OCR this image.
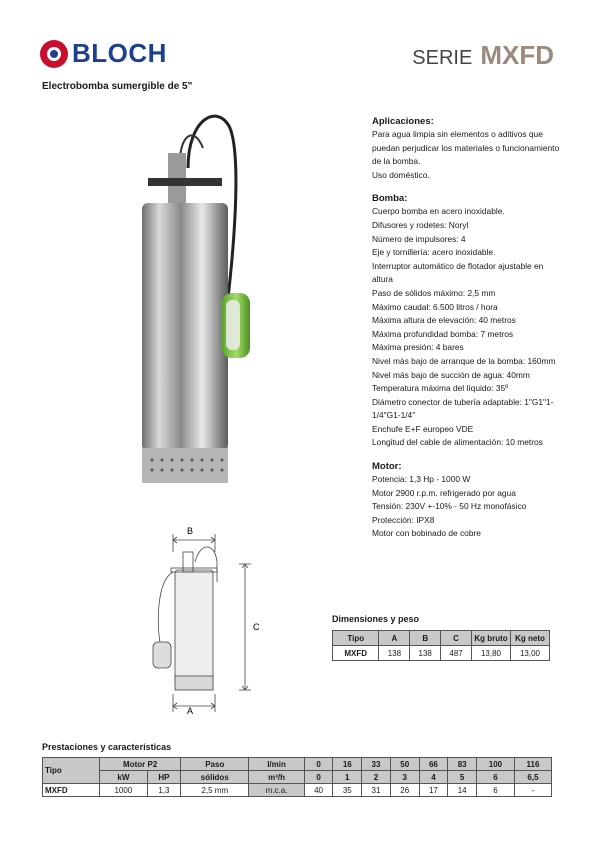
BLOCH	SERIE MXFD
Electrobomba sumergible de 5"
B
C
A
Aplicaciones:

Para agua limpia sin elementos o aditivos que

puedan perjudicar los materiales o funcionamiento

de la bomba.

Uso doméstico.

Bomba:

Cuerpo bomba en acero inoxidable.

Difusores y rodetes: Noryl

Número de impulsores: 4

Eje y tornillería: acero inoxidable.

Interruptor automático de flotador ajustable en

altura

Paso de sólidos máximo: 2,5 mm

Máximo caudal: 6.500 litros / hora

Máxima altura de elevación: 40 metros

Máxima profundidad bomba: 7 metros

Máxima presión: 4 bares

Nivel más bajo de arranque de la bomba: 160mm

Nivel más bajo de succión de agua: 40mm

Temperatura máxima del líquido: 35º

Diámetro conector de tubería adaptable: 1"G1"1-

1/4"G1-1/4"

Enchufe E+F europeo VDE

Longitud del cable de alimentación: 10 metros

Motor:

Potencia: 1,3 Hp - 1000 W

Motor 2900 r.p.m. refrigerado por agua

Tensión: 230V +-10% - 50 Hz monofásico

Protección: IPX8

Motor con bobinado de cobre

Dimensiones y peso
Tipo	A	B	C	Kg bruto	Kg neto
MXFD	138	138	487	13,80	13,00
Prestaciones y características
Tipo	Motor P2		Paso	l/min	0	16	33	50	66	83	100	116
	kW	HP	sólidos	m³/h	0	1	2	3	4	5	6	6,5
MXFD	1000	1,3	2,5 mm	m.c.a.	40	35	31	26	17	14	6	-
